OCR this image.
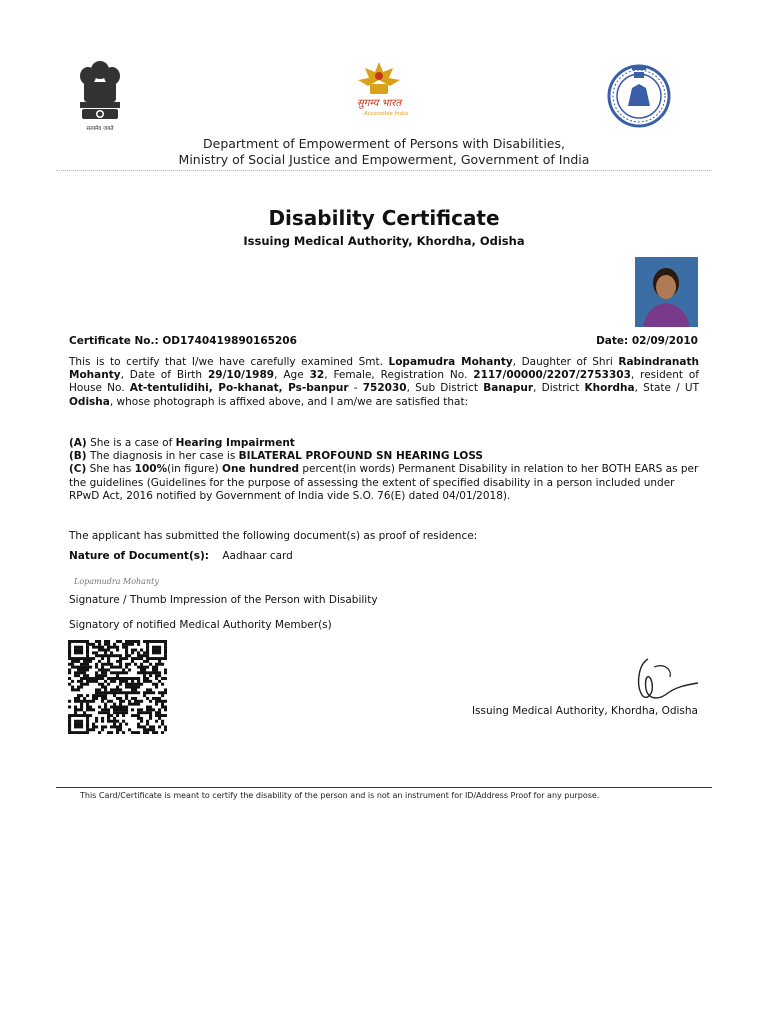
सत्यमेव जयते
सुगम्य भारत
Accessible India
Department of Empowerment of Persons with Disabilities,
Ministry of Social Justice and Empowerment, Government of India
Disability Certificate
Issuing Medical Authority, Khordha, Odisha
Certificate No.: OD1740419890165206	Date: 02/09/2010
This is to certify that I/we have carefully examined Smt. Lopamudra Mohanty, Daughter of Shri Rabindranath Mohanty, Date of Birth 29/10/1989, Age 32, Female, Registration No. 2117/00000/2207/2753303, resident of House No. At-tentulidihi, Po-khanat, Ps-banpur - 752030, Sub District Banapur, District Khordha, State / UT Odisha, whose photograph is affixed above, and I am/we are satisfied that:
(A) She is a case of Hearing Impairment
(B) The diagnosis in her case is BILATERAL PROFOUND SN HEARING LOSS
(C) She has 100%(in figure) One hundred percent(in words) Permanent Disability in relation to her BOTH EARS as per the guidelines (Guidelines for the purpose of assessing the extent of specified disability in a person included under RPwD Act, 2016 notified by Government of India vide S.O. 76(E) dated 04/01/2018).
The applicant has submitted the following document(s) as proof of residence:
Nature of Document(s): Aadhaar card
Lopamudra Mohanty
Signature / Thumb Impression of the Person with Disability
Signatory of notified Medical Authority Member(s)
Issuing Medical Authority, Khordha, Odisha
This Card/Certificate is meant to certify the disability of the person and is not an instrument for ID/Address Proof for any purpose.
